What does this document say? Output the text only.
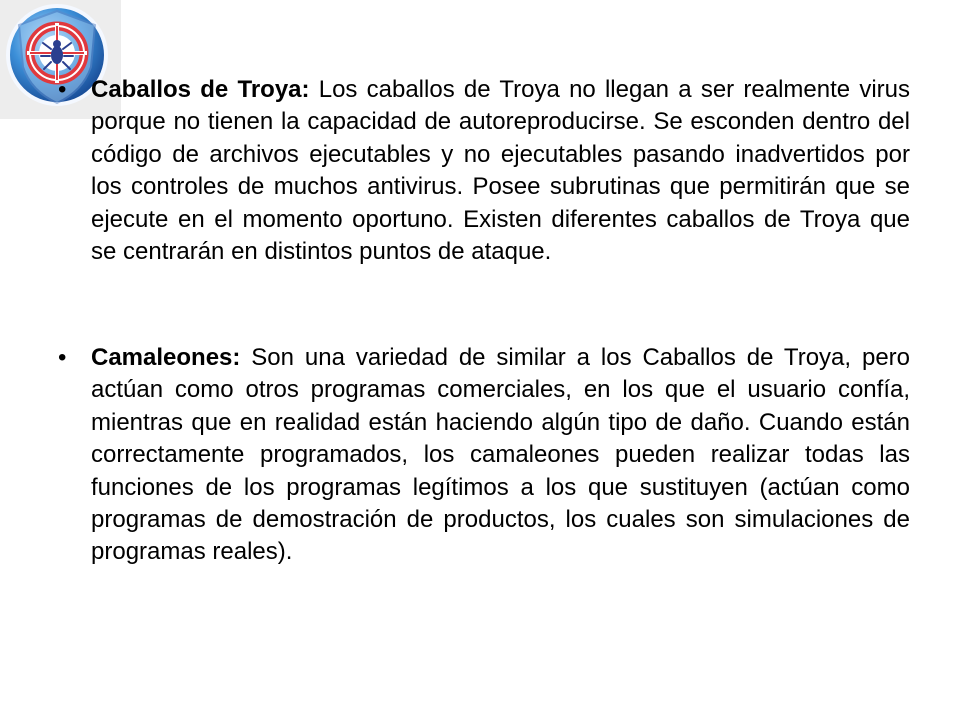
• Caballos de Troya: Los caballos de Troya no llegan a ser realmente virus porque no tienen la capacidad de autoreproducirse. Se esconden dentro del código de archivos ejecutables y no ejecutables pasando inadvertidos por los controles de muchos antivirus. Posee subrutinas que permitirán que se ejecute en el momento oportuno. Existen diferentes caballos de Troya que se centrarán en distintos puntos de ataque.

• Camaleones: Son una variedad de similar a los Caballos de Troya, pero actúan como otros programas comerciales, en los que el usuario confía, mientras que en realidad están haciendo algún tipo de daño. Cuando están correctamente programados, los camaleones pueden realizar todas las funciones de los programas legítimos a los que sustituyen (actúan como programas de demostración de productos, los cuales son simulaciones de programas reales).
